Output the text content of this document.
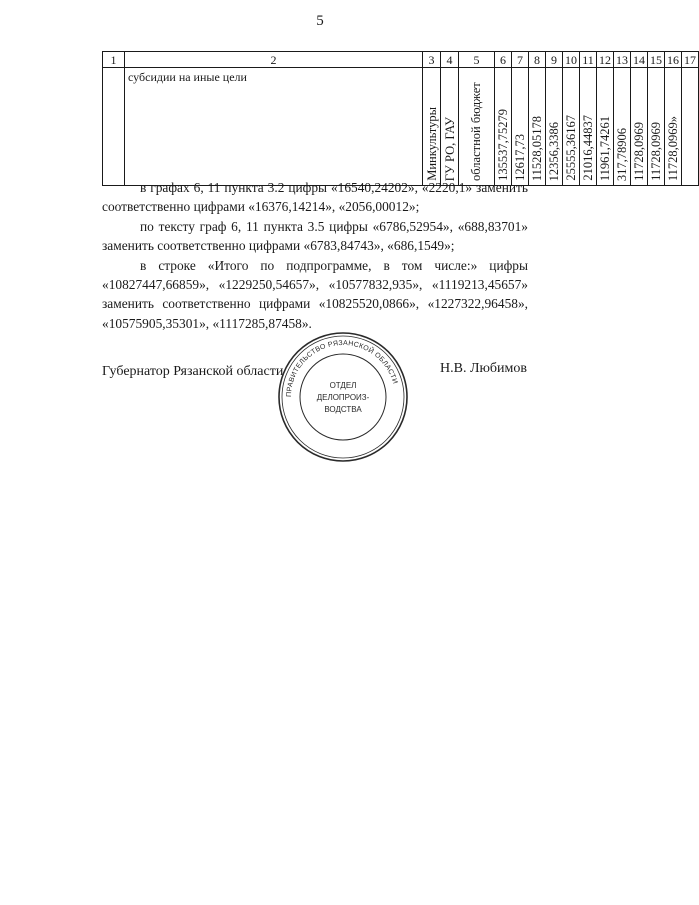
5
1	2	3	4	5	6	7	8	9	10	11	12	13	14	15	16	17
	субсидии на иные цели	Минкультуры	ГУ РО, ГАУ	областной бюджет	135537,75279	12617,73	11528,05178	12356,3386	25555,36167	21016,44837	11961,74261	317,78906	11728,0969	11728,0969	11728,0969»	

в графах 6, 11 пункта 3.2 цифры «16540,24202», «2220,1» заменить соответственно цифрами «16376,14214», «2056,00012»;

по тексту граф 6, 11 пункта 3.5 цифры «6786,52954», «688,83701» заменить соответственно цифрами «6783,84743», «686,1549»;

в строке «Итого по подпрограмме, в том числе:» цифры «10827447,66859», «1229250,54657», «10577832,935», «1119213,45657» заменить соответственно цифрами «10825520,0866», «1227322,96458», «10575905,35301», «1117285,87458».

Губернатор Рязанской области	Н.В. Любимов
ПРАВИТЕЛЬСТВО РЯЗАНСКОЙ ОБЛАСТИ
ОТДЕЛ
ДЕЛОПРОИЗ-
ВОДСТВА
